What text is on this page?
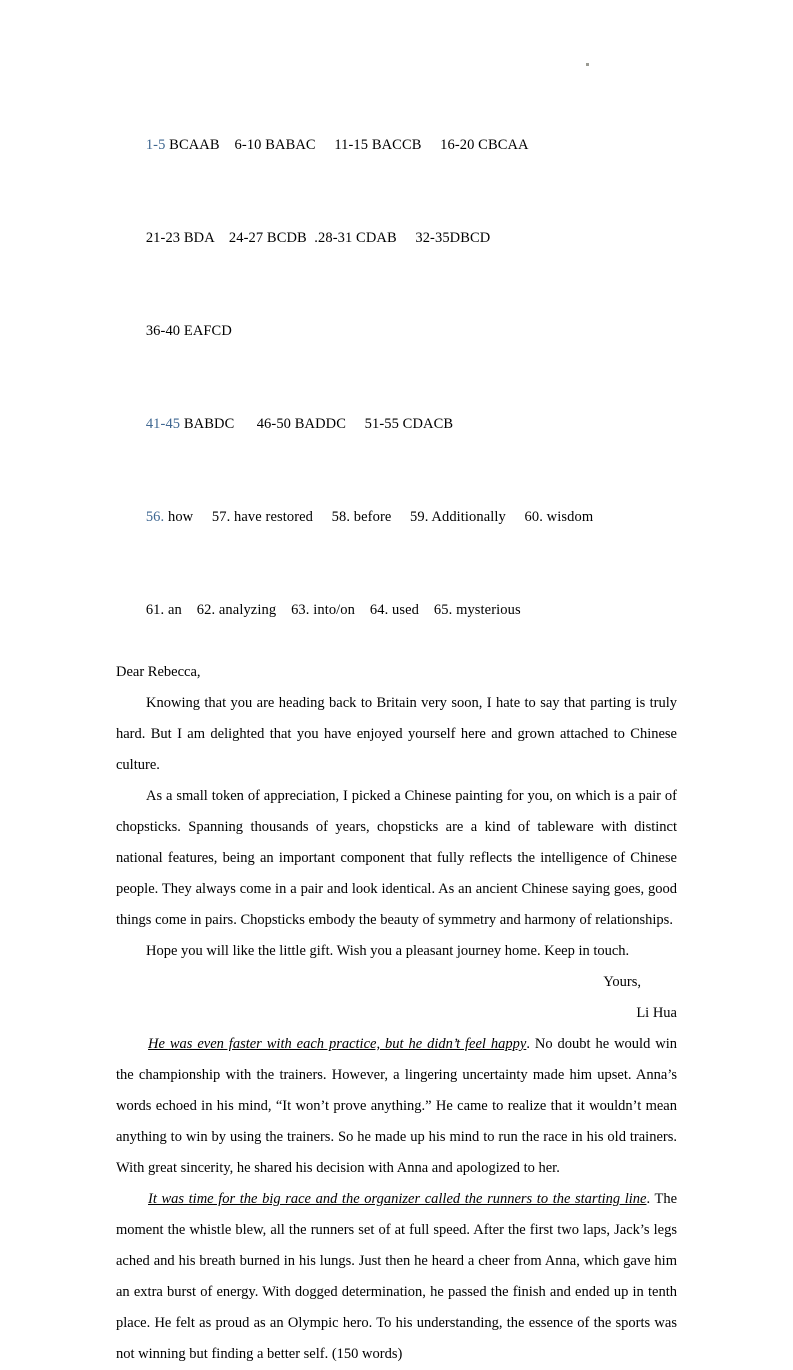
1-5 BCAAB    6-10 BABAC     11-15 BACCB     16-20 CBCAA

21-23 BDA    24-27 BCDB  .28-31 CDAB     32-35DBCD

36-40 EAFCD

41-45 BABDC      46-50 BADDC     51-55 CDACB

56. how     57. have restored     58. before     59. Additionally     60. wisdom

61. an    62. analyzing    63. into/on    64. used    65. mysterious

Dear Rebecca,

Knowing that you are heading back to Britain very soon, I hate to say that parting is truly hard. But I am delighted that you have enjoyed yourself here and grown attached to Chinese culture.

As a small token of appreciation, I picked a Chinese painting for you, on which is a pair of chopsticks. Spanning thousands of years, chopsticks are a kind of tableware with distinct national features, being an important component that fully reflects the intelligence of Chinese people. They always come in a pair and look identical. As an ancient Chinese saying goes, good things come in pairs. Chopsticks embody the beauty of symmetry and harmony of relationships.

Hope you will like the little gift. Wish you a pleasant journey home. Keep in touch.

Yours,
Li Hua

He was even faster with each practice, but he didn’t feel happy. No doubt he would win the championship with the trainers. However, a lingering uncertainty made him upset. Anna’s words echoed in his mind, “It won’t prove anything.” He came to realize that it wouldn’t mean anything to win by using the trainers. So he made up his mind to run the race in his old trainers. With great sincerity, he shared his decision with Anna and apologized to her.

It was time for the big race and the organizer called the runners to the starting line. The moment the whistle blew, all the runners set of at full speed. After the first two laps, Jack’s legs ached and his breath burned in his lungs. Just then he heard a cheer from Anna, which gave him an extra burst of energy. With dogged determination, he passed the finish and ended up in tenth place. He felt as proud as an Olympic hero. To his understanding, the essence of the sports was not winning but finding a better self. (150 words)
